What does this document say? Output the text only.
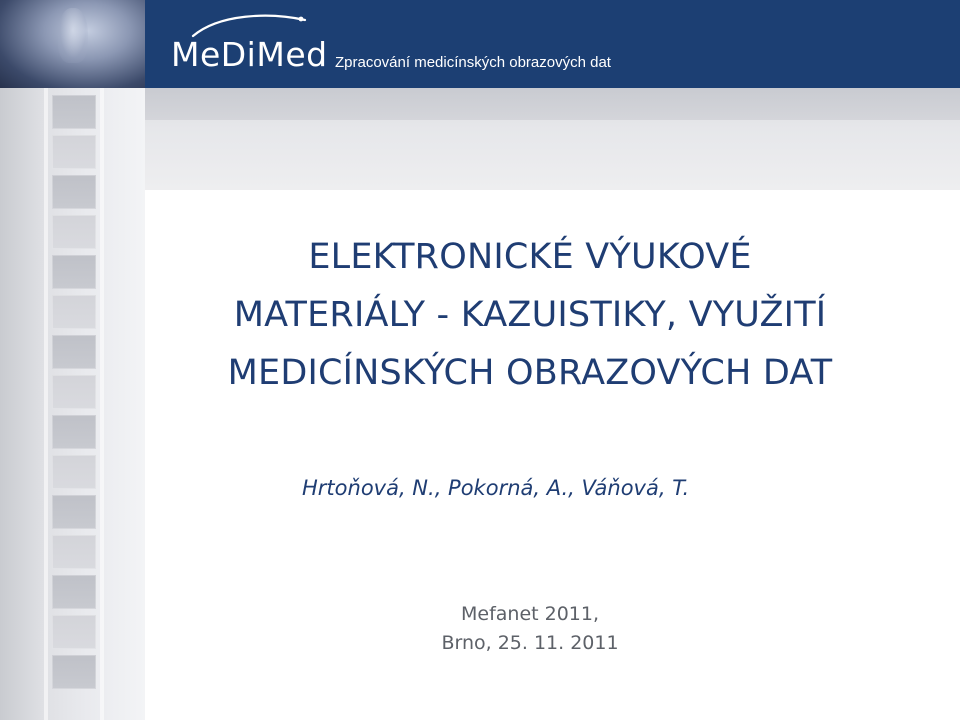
MeDiMed Zpracování medicínských obrazových dat
ELEKTRONICKÉ VÝUKOVÉ
MATERIÁLY - KAZUISTIKY, VYUŽITÍ
MEDICÍNSKÝCH OBRAZOVÝCH DAT
Hrtoňová, N., Pokorná, A., Váňová, T.
Mefanet 2011,
Brno, 25. 11. 2011
